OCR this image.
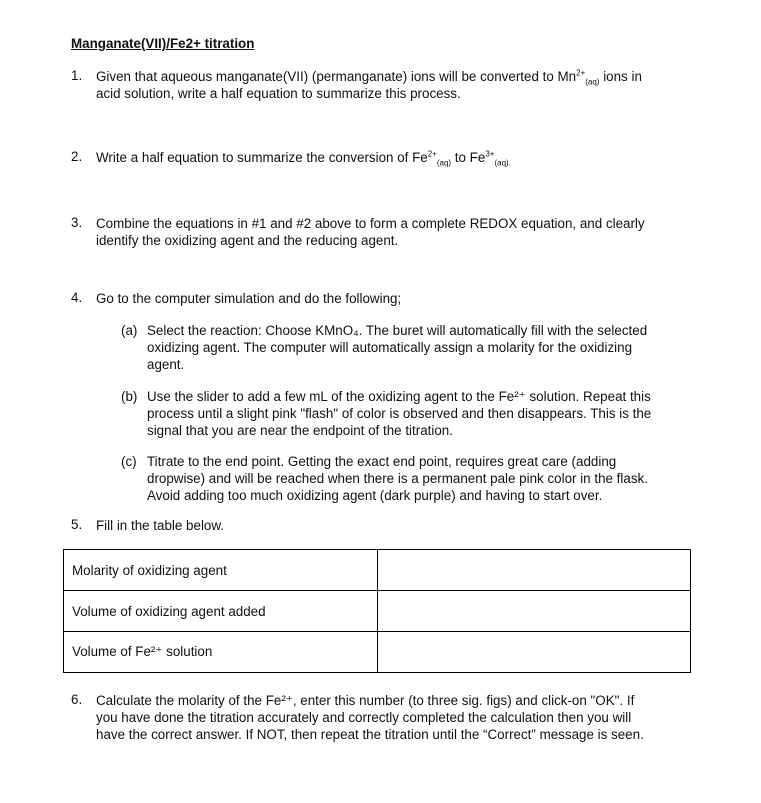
Manganate(VII)/Fe2+ titration
1.	Given that aqueous manganate(VII) (permanganate) ions will be converted to $Mn^{2+}_{(aq)}$ ions in
acid solution, write a half equation to summarize this process.
2.	Write a half equation to summarize the conversion of $Fe^{2+}_{(aq)}$ to $Fe^{3+}_{(aq).}$
3.	Combine the equations in #1 and #2 above to form a complete REDOX equation, and clearly
identify the oxidizing agent and the reducing agent.
4.	Go to the computer simulation and do the following;
(a) Select the reaction: Choose KMnO₄. The buret will automatically fill with the selected
oxidizing agent. The computer will automatically assign a molarity for the oxidizing
agent.
(b) Use the slider to add a few mL of the oxidizing agent to the Fe²⁺ solution. Repeat this
process until a slight pink "flash" of color is observed and then disappears. This is the
signal that you are near the endpoint of the titration.
(c) Titrate to the end point. Getting the exact end point, requires great care (adding
dropwise) and will be reached when there is a permanent pale pink color in the flask.
Avoid adding too much oxidizing agent (dark purple) and having to start over.
5.	Fill in the table below.
Molarity of oxidizing agent	
Volume of oxidizing agent added	
Volume of Fe²⁺ solution	
6.	Calculate the molarity of the Fe²⁺, enter this number (to three sig. figs) and click-on "OK". If
you have done the titration accurately and correctly completed the calculation then you will
have the correct answer. If NOT, then repeat the titration until the “Correct” message is seen.
